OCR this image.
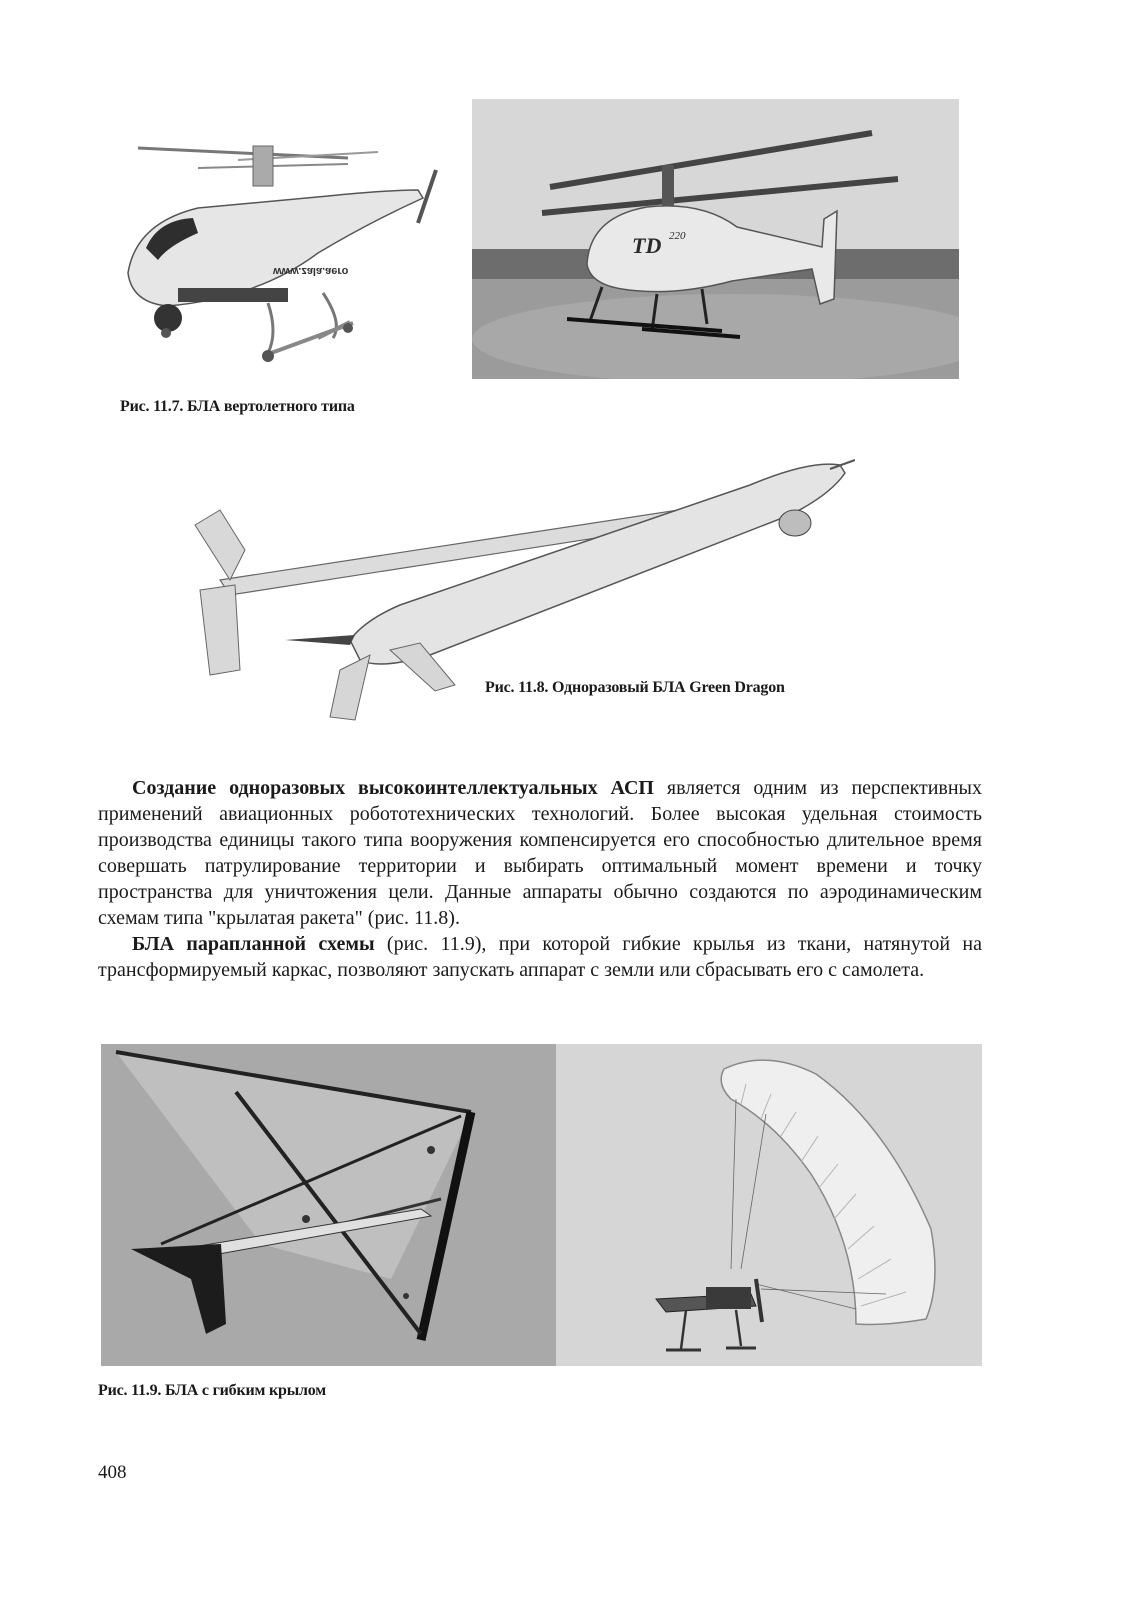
www.zala.aero
TD 220
Рис. 11.7. БЛА вертолетного типа
Рис. 11.8. Одноразовый БЛА Green Dragon

Создание одноразовых высокоинтеллектуальных АСП является одним из перспективных применений авиационных робототехнических технологий. Более высокая удельная стоимость производства единицы такого типа вооружения компенсируется его способностью длительное время совершать патрулирование территории и выбирать оптимальный момент времени и точку пространства для уничтожения цели. Данные аппараты обычно создаются по аэродинамическим схемам типа "крылатая ракета" (рис. 11.8).

БЛА парапланной схемы (рис. 11.9), при которой гибкие крылья из ткани, натянутой на трансформируемый каркас, позволяют запускать аппарат с земли или сбрасывать его с самолета.

Рис. 11.9. БЛА с гибким крылом
408
